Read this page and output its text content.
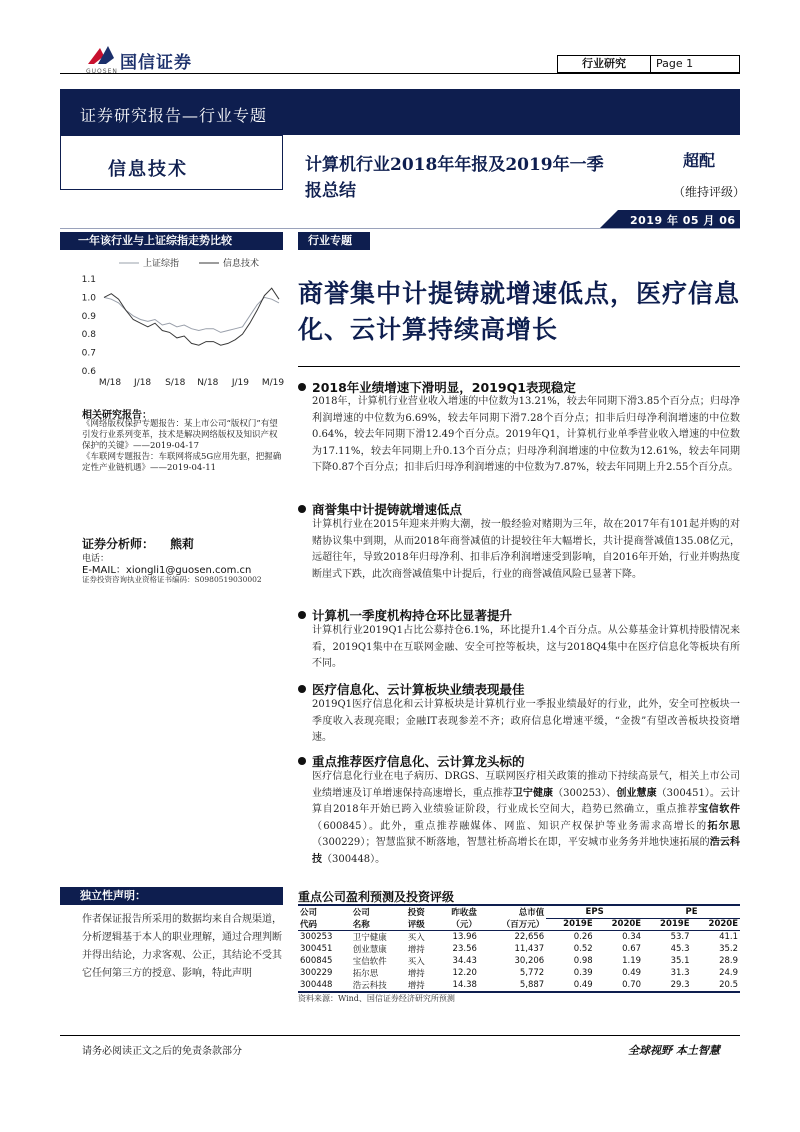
国信证券
GUOSEN
行业研究	Page 1
证券研究报告—行业专题
信息技术	计算机行业2018年年报及2019年一季报总结
超配
（维持评级）
2019 年 05 月 06 日
一年该行业与上证综指走势比较
上证综指	信息技术
1.1
1.0
0.9
0.8
0.7
0.6
M/18 J/18 S/18 N/18 J/19 M/19
相关研究报告：
《网络版权保护专题报告：某上市公司“版权门”有望引发行业系列变革，技术是解决网络版权及知识产权保护的关键》——2019-04-17
《车联网专题报告：车联网将成5G应用先驱，把握确定性产业链机遇》——2019-04-11
证券分析师： 熊莉
电话：
E-MAIL：xiongli1@guosen.com.cn
证券投资咨询执业资格证书编码：S0980519030002
独立性声明：
作者保证报告所采用的数据均来自合规渠道，分析逻辑基于本人的职业理解，通过合理判断并得出结论，力求客观、公正，其结论不受其它任何第三方的授意、影响，特此声明
行业专题
商誉集中计提铸就增速低点，医疗信息化、云计算持续高增长
2018年业绩增速下滑明显，2019Q1表现稳定
2018年，计算机行业营业收入增速的中位数为13.21%，较去年同期下滑3.85个百分点；归母净利润增速的中位数为6.69%，较去年同期下滑7.28个百分点；扣非后归母净利润增速的中位数0.64%，较去年同期下滑12.49个百分点。2019年Q1，计算机行业单季营业收入增速的中位数为17.11%，较去年同期上升0.13个百分点；归母净利润增速的中位数为12.61%，较去年同期下降0.87个百分点；扣非后归母净利润增速的中位数为7.87%，较去年同期上升2.55个百分点。
商誉集中计提铸就增速低点
计算机行业在2015年迎来并购大潮，按一般经验对赌期为三年，故在2017年有101起并购的对赌协议集中到期，从而2018年商誉减值的计提较往年大幅增长，共计提商誉减值135.08亿元，远超往年，导致2018年归母净利、扣非后净利润增速受到影响，自2016年开始，行业并购热度断崖式下跌，此次商誉减值集中计提后，行业的商誉减值风险已显著下降。
计算机一季度机构持仓环比显著提升
计算机行业2019Q1占比公募持仓6.1%，环比提升1.4个百分点。从公募基金计算机持股情况来看，2019Q1集中在互联网金融、安全可控等板块，这与2018Q4集中在医疗信息化等板块有所不同。
医疗信息化、云计算板块业绩表现最佳
2019Q1医疗信息化和云计算板块是计算机行业一季报业绩最好的行业，此外，安全可控板块一季度收入表现亮眼；金融IT表现参差不齐；政府信息化增速平缓，“金拨”有望改善板块投资增速。
重点推荐医疗信息化、云计算龙头标的
医疗信息化行业在电子病历、DRGS、互联网医疗相关政策的推动下持续高景气，相关上市公司业绩增速及订单增速保持高速增长，重点推荐卫宁健康（300253）、创业慧康（300451）。云计算自2018年开始已跨入业绩验证阶段，行业成长空间大，趋势已然确立，重点推荐宝信软件（600845）。此外，重点推荐融媒体、网监、知识产权保护等业务需求高增长的拓尔思（300229）；智慧监狱不断落地，智慧社桥高增长在即，平安城市业务务并地快速拓展的浩云科技（300448）。
重点公司盈利预测及投资评级
公司	公司	投资	昨收盘	总市值	EPS		PE	
代码	名称	评级	（元）	（百万元）	2019E	2020E	2019E	2020E
300253	卫宁健康	买入	13.96	22,656	0.26	0.34	53.7	41.1
300451	创业慧康	增持	23.56	11,437	0.52	0.67	45.3	35.2
600845	宝信软件	买入	34.43	30,206	0.98	1.19	35.1	28.9
300229	拓尔思	增持	12.20	5,772	0.39	0.49	31.3	24.9
300448	浩云科技	增持	14.38	5,887	0.49	0.70	29.3	20.5
资料来源：Wind、国信证券经济研究所预测
请务必阅读正文之后的免责条款部分	全球视野 本土智慧
